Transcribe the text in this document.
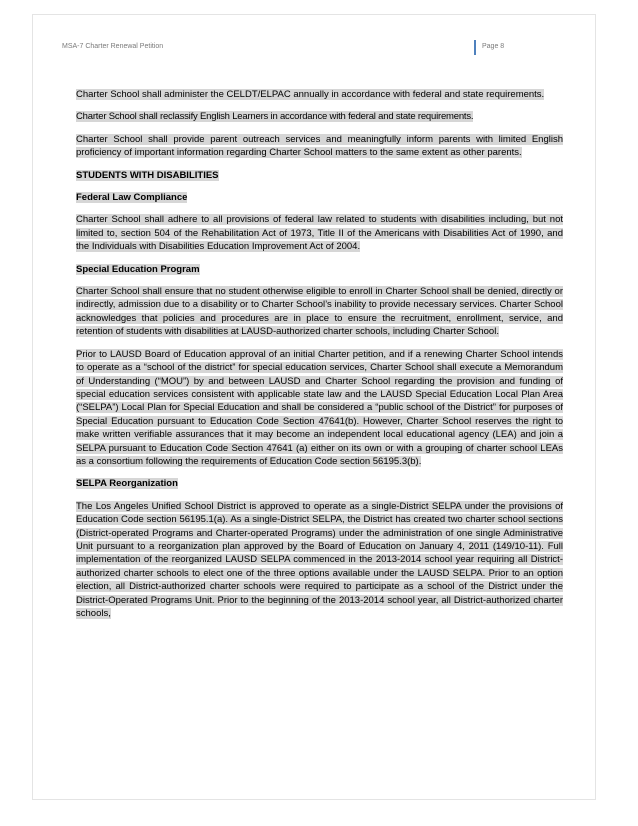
MSA-7 Charter Renewal Petition	Page 8

Charter School shall administer the CELDT/ELPAC annually in accordance with federal and state requirements.

Charter School shall reclassify English Learners in accordance with federal and state requirements.

Charter School shall provide parent outreach services and meaningfully inform parents with limited English proficiency of important information regarding Charter School matters to the same extent as other parents.

STUDENTS WITH DISABILITIES

Federal Law Compliance

Charter School shall adhere to all provisions of federal law related to students with disabilities including, but not limited to, section 504 of the Rehabilitation Act of 1973, Title II of the Americans with Disabilities Act of 1990, and the Individuals with Disabilities Education Improvement Act of 2004.

Special Education Program

Charter School shall ensure that no student otherwise eligible to enroll in Charter School shall be denied, directly or indirectly, admission due to a disability or to Charter School’s inability to provide necessary services. Charter School acknowledges that policies and procedures are in place to ensure the recruitment, enrollment, service, and retention of students with disabilities at LAUSD-authorized charter schools, including Charter School.

Prior to LAUSD Board of Education approval of an initial Charter petition, and if a renewing Charter School intends to operate as a “school of the district” for special education services, Charter School shall execute a Memorandum of Understanding (“MOU”) by and between LAUSD and Charter School regarding the provision and funding of special education services consistent with applicable state law and the LAUSD Special Education Local Plan Area (“SELPA”) Local Plan for Special Education and shall be considered a “public school of the District” for purposes of Special Education pursuant to Education Code Section 47641(b). However, Charter School reserves the right to make written verifiable assurances that it may become an independent local educational agency (LEA) and join a SELPA pursuant to Education Code Section 47641 (a) either on its own or with a grouping of charter school LEAs as a consortium following the requirements of Education Code section 56195.3(b).

SELPA Reorganization

The Los Angeles Unified School District is approved to operate as a single-District SELPA under the provisions of Education Code section 56195.1(a). As a single-District SELPA, the District has created two charter school sections (District-operated Programs and Charter-operated Programs) under the administration of one single Administrative Unit pursuant to a reorganization plan approved by the Board of Education on January 4, 2011 (149/10-11). Full implementation of the reorganized LAUSD SELPA commenced in the 2013-2014 school year requiring all District-authorized charter schools to elect one of the three options available under the LAUSD SELPA. Prior to an option election, all District-authorized charter schools were required to participate as a school of the District under the District-Operated Programs Unit. Prior to the beginning of the 2013-2014 school year, all District-authorized charter schools,
